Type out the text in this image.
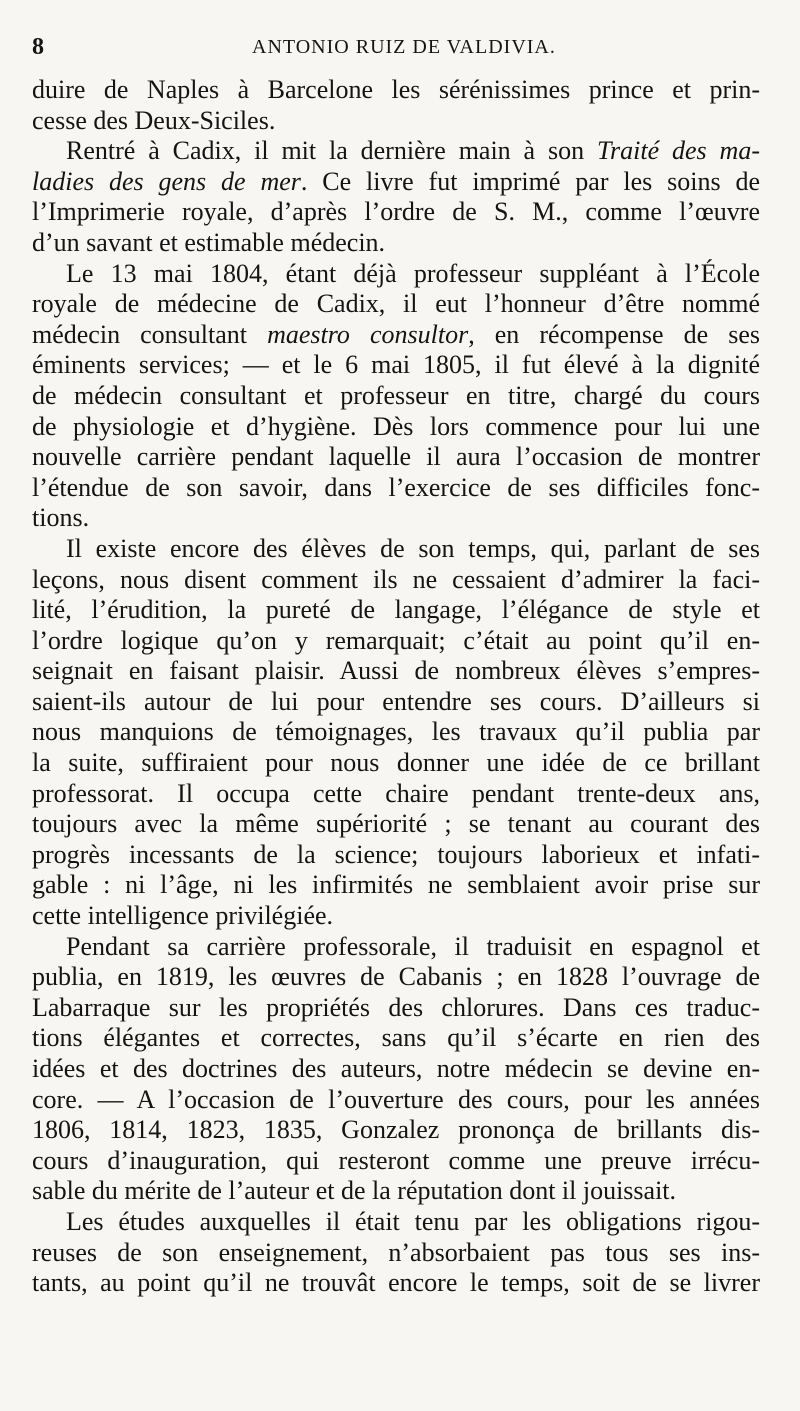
8	ANTONIO RUIZ DE VALDIVIA.
duire de Naples à Barcelone les sérénissimes prince et prin-
cesse des Deux-Siciles.
Rentré à Cadix, il mit la dernière main à son Traité des ma-
ladies des gens de mer. Ce livre fut imprimé par les soins de
l’Imprimerie royale, d’après l’ordre de S. M., comme l’œuvre
d’un savant et estimable médecin.
Le 13 mai 1804, étant déjà professeur suppléant à l’École
royale de médecine de Cadix, il eut l’honneur d’être nommé
médecin consultant maestro consultor, en récompense de ses
éminents services; — et le 6 mai 1805, il fut élevé à la dignité
de médecin consultant et professeur en titre, chargé du cours
de physiologie et d’hygiène. Dès lors commence pour lui une
nouvelle carrière pendant laquelle il aura l’occasion de montrer
l’étendue de son savoir, dans l’exercice de ses difficiles fonc-
tions.
Il existe encore des élèves de son temps, qui, parlant de ses
leçons, nous disent comment ils ne cessaient d’admirer la faci-
lité, l’érudition, la pureté de langage, l’élégance de style et
l’ordre logique qu’on y remarquait; c’était au point qu’il en-
seignait en faisant plaisir. Aussi de nombreux élèves s’empres-
saient-ils autour de lui pour entendre ses cours. D’ailleurs si
nous manquions de témoignages, les travaux qu’il publia par
la suite, suffiraient pour nous donner une idée de ce brillant
professorat. Il occupa cette chaire pendant trente-deux ans,
toujours avec la même supériorité ; se tenant au courant des
progrès incessants de la science; toujours laborieux et infati-
gable : ni l’âge, ni les infirmités ne semblaient avoir prise sur
cette intelligence privilégiée.
Pendant sa carrière professorale, il traduisit en espagnol et
publia, en 1819, les œuvres de Cabanis ; en 1828 l’ouvrage de
Labarraque sur les propriétés des chlorures. Dans ces traduc-
tions élégantes et correctes, sans qu’il s’écarte en rien des
idées et des doctrines des auteurs, notre médecin se devine en-
core. — A l’occasion de l’ouverture des cours, pour les années
1806, 1814, 1823, 1835, Gonzalez prononça de brillants dis-
cours d’inauguration, qui resteront comme une preuve irrécu-
sable du mérite de l’auteur et de la réputation dont il jouissait.
Les études auxquelles il était tenu par les obligations rigou-
reuses de son enseignement, n’absorbaient pas tous ses ins-
tants, au point qu’il ne trouvât encore le temps, soit de se livrer
